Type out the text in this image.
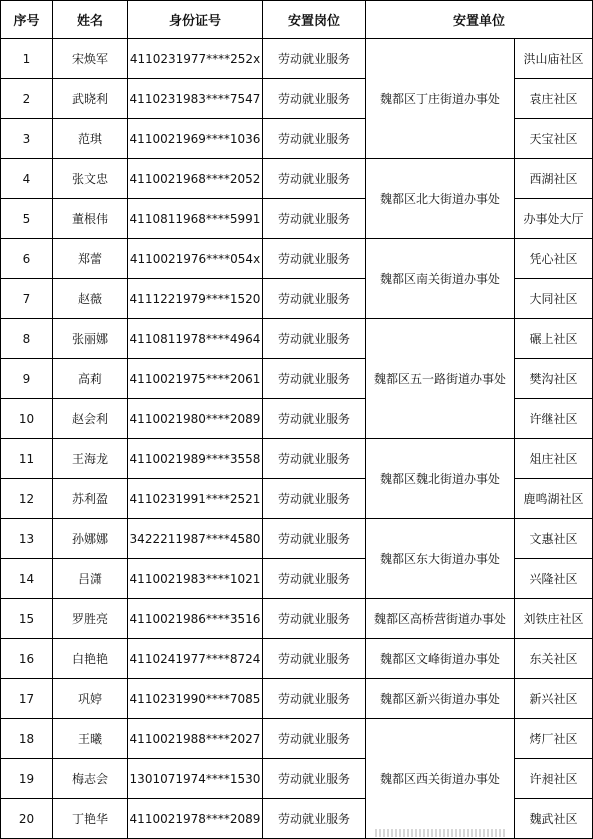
序号	姓名	身份证号	安置岗位	安置单位	
1	宋焕军	4110231977****252x	劳动就业服务	魏都区丁庄街道办事处	洪山庙社区
2	武晓利	4110231983****7547	劳动就业服务		袁庄社区
3	范琪	4110021969****1036	劳动就业服务		天宝社区
4	张文忠	4110021968****2052	劳动就业服务	魏都区北大街道办事处	西湖社区
5	董根伟	4110811968****5991	劳动就业服务		办事处大厅
6	郑蕾	4110021976****054x	劳动就业服务	魏都区南关街道办事处	凭心社区
7	赵薇	4111221979****1520	劳动就业服务		大同社区
8	张丽娜	4110811978****4964	劳动就业服务	魏都区五一路街道办事处	碾上社区
9	高莉	4110021975****2061	劳动就业服务		樊沟社区
10	赵会利	4110021980****2089	劳动就业服务		许继社区
11	王海龙	4110021989****3558	劳动就业服务	魏都区魏北街道办事处	俎庄社区
12	苏利盈	4110231991****2521	劳动就业服务		鹿鸣湖社区
13	孙娜娜	3422211987****4580	劳动就业服务	魏都区东大街道办事处	文惠社区
14	吕潇	4110021983****1021	劳动就业服务		兴隆社区
15	罗胜亮	4110021986****3516	劳动就业服务	魏都区高桥营街道办事处	刘铁庄社区
16	白艳艳	4110241977****8724	劳动就业服务	魏都区文峰街道办事处	东关社区
17	巩婷	4110231990****7085	劳动就业服务	魏都区新兴街道办事处	新兴社区
18	王曦	4110021988****2027	劳动就业服务	魏都区西关街道办事处	烤厂社区
19	梅志会	1301071974****1530	劳动就业服务		许昶社区
20	丁艳华	4110021978****2089	劳动就业服务		魏武社区
